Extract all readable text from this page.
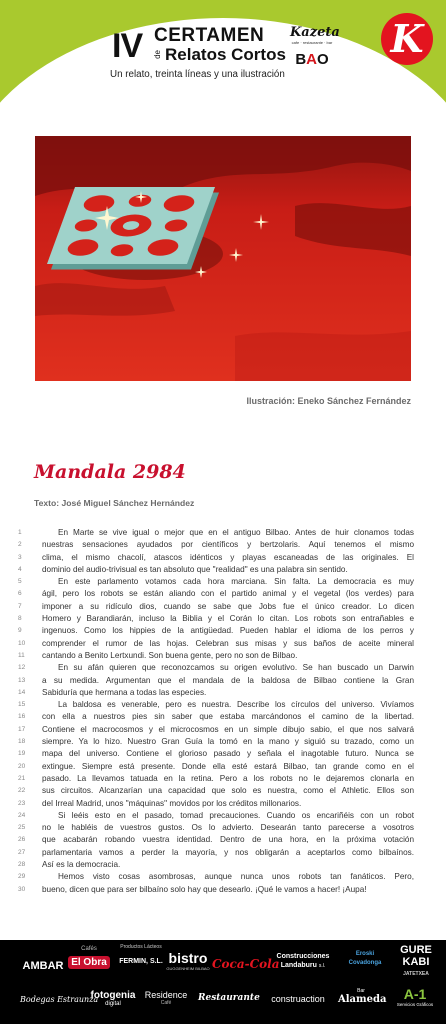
IV CERTAMEN
de Relatos Cortos
Kazeta
cafe · restaurante · bar
BAO
Un relato, treinta líneas y una ilustración
K
Ilustración: Eneko Sánchez Fernández
Mandala 2984
Texto: José Miguel Sánchez Hernández
1	En Marte se vive igual o mejor que en el antiguo Bilbao. Antes de huir clonamos todas
2	nuestras sensaciones ayudados por científicos y bertzolaris. Aquí tenemos el mismo
3	clima, el mismo chacolí, atascos idénticos y playas escaneadas de las originales. El
4	dominio del audio-trivisual es tan absoluto que "realidad" es una palabra sin sentido.
5	En este parlamento votamos cada hora marciana. Sin falta. La democracia es muy
6	ágil, pero los robots se están aliando con el partido animal y el vegetal (los verdes) para
7	imponer a su ridículo dios, cuando se sabe que Jobs fue el único creador. Lo dicen
8	Homero y Barandiarán, incluso la Biblia y el Corán lo citan. Los robots son entrañables e
9	ingenuos. Como los hippies de la antigüedad. Pueden hablar el idioma de los perros y
10	comprender el rumor de las hojas. Celebran sus misas y sus baños de aceite mineral
11	cantando a Benito Lertxundi. Son buena gente, pero no son de Bilbao.
12	En su afán quieren que reconozcamos su origen evolutivo. Se han buscado un Darwin
13	a su medida. Argumentan que el mandala de la baldosa de Bilbao contiene la Gran
14	Sabiduría que hermana a todas las especies.
15	La baldosa es venerable, pero es nuestra. Describe los círculos del universo. Vivíamos
16	con ella a nuestros pies sin saber que estaba marcándonos el camino de la libertad.
17	Contiene el macrocosmos y el microcosmos en un simple dibujo sabio, el que nos salvará
18	siempre. Ya lo hizo. Nuestro Gran Guía la tomó en la mano y siguió su trazado, como un
19	mapa del universo. Contiene el glorioso pasado y señala el inagotable futuro. Nunca se
20	extingue. Siempre está presente. Donde ella esté estará Bilbao, tan grande como en el
21	pasado. La llevamos tatuada en la retina. Pero a los robots no le dejaremos clonarla en
22	sus circuitos. Alcanzarían una capacidad que solo es nuestra, como el Athletic. Ellos son
23	del Irreal Madrid, unos "máquinas" movidos por los créditos millonarios.
24	Si leéis esto en el pasado, tomad precauciones. Cuando os encariñéis con un robot
25	no le habléis de vuestros gustos. Os lo advierto. Desearán tanto parecerse a vosotros
26	que acabarán robando vuestra identidad. Dentro de una hora, en la próxima votación
27	parlamentaria vamos a perder la mayoría, y nos obligarán a aceptarlos como bilbaínos.
28	Así es la democracia.
29	Hemos visto cosas asombrosas, aunque nunca unos robots tan fanáticos. Pero,
30	bueno, dicen que para ser bilbaíno solo hay que desearlo. ¡Qué le vamos a hacer! ¡Aupa!
AMBAR
Cafés
El Obra
Productos Lácteos
FERMIN, S.L. bistro
GUGGENHEIM BILBAO Coca-Cola
Construcciones Landaburu s.l.
Eroski Covadonga
GURE KABI
JATETXEA
Bodegas Estraunza
fotogenia
digital
Residence
Café	Restaurante	construaction
Bar
Alameda	A-1
Servicios Gráficos
